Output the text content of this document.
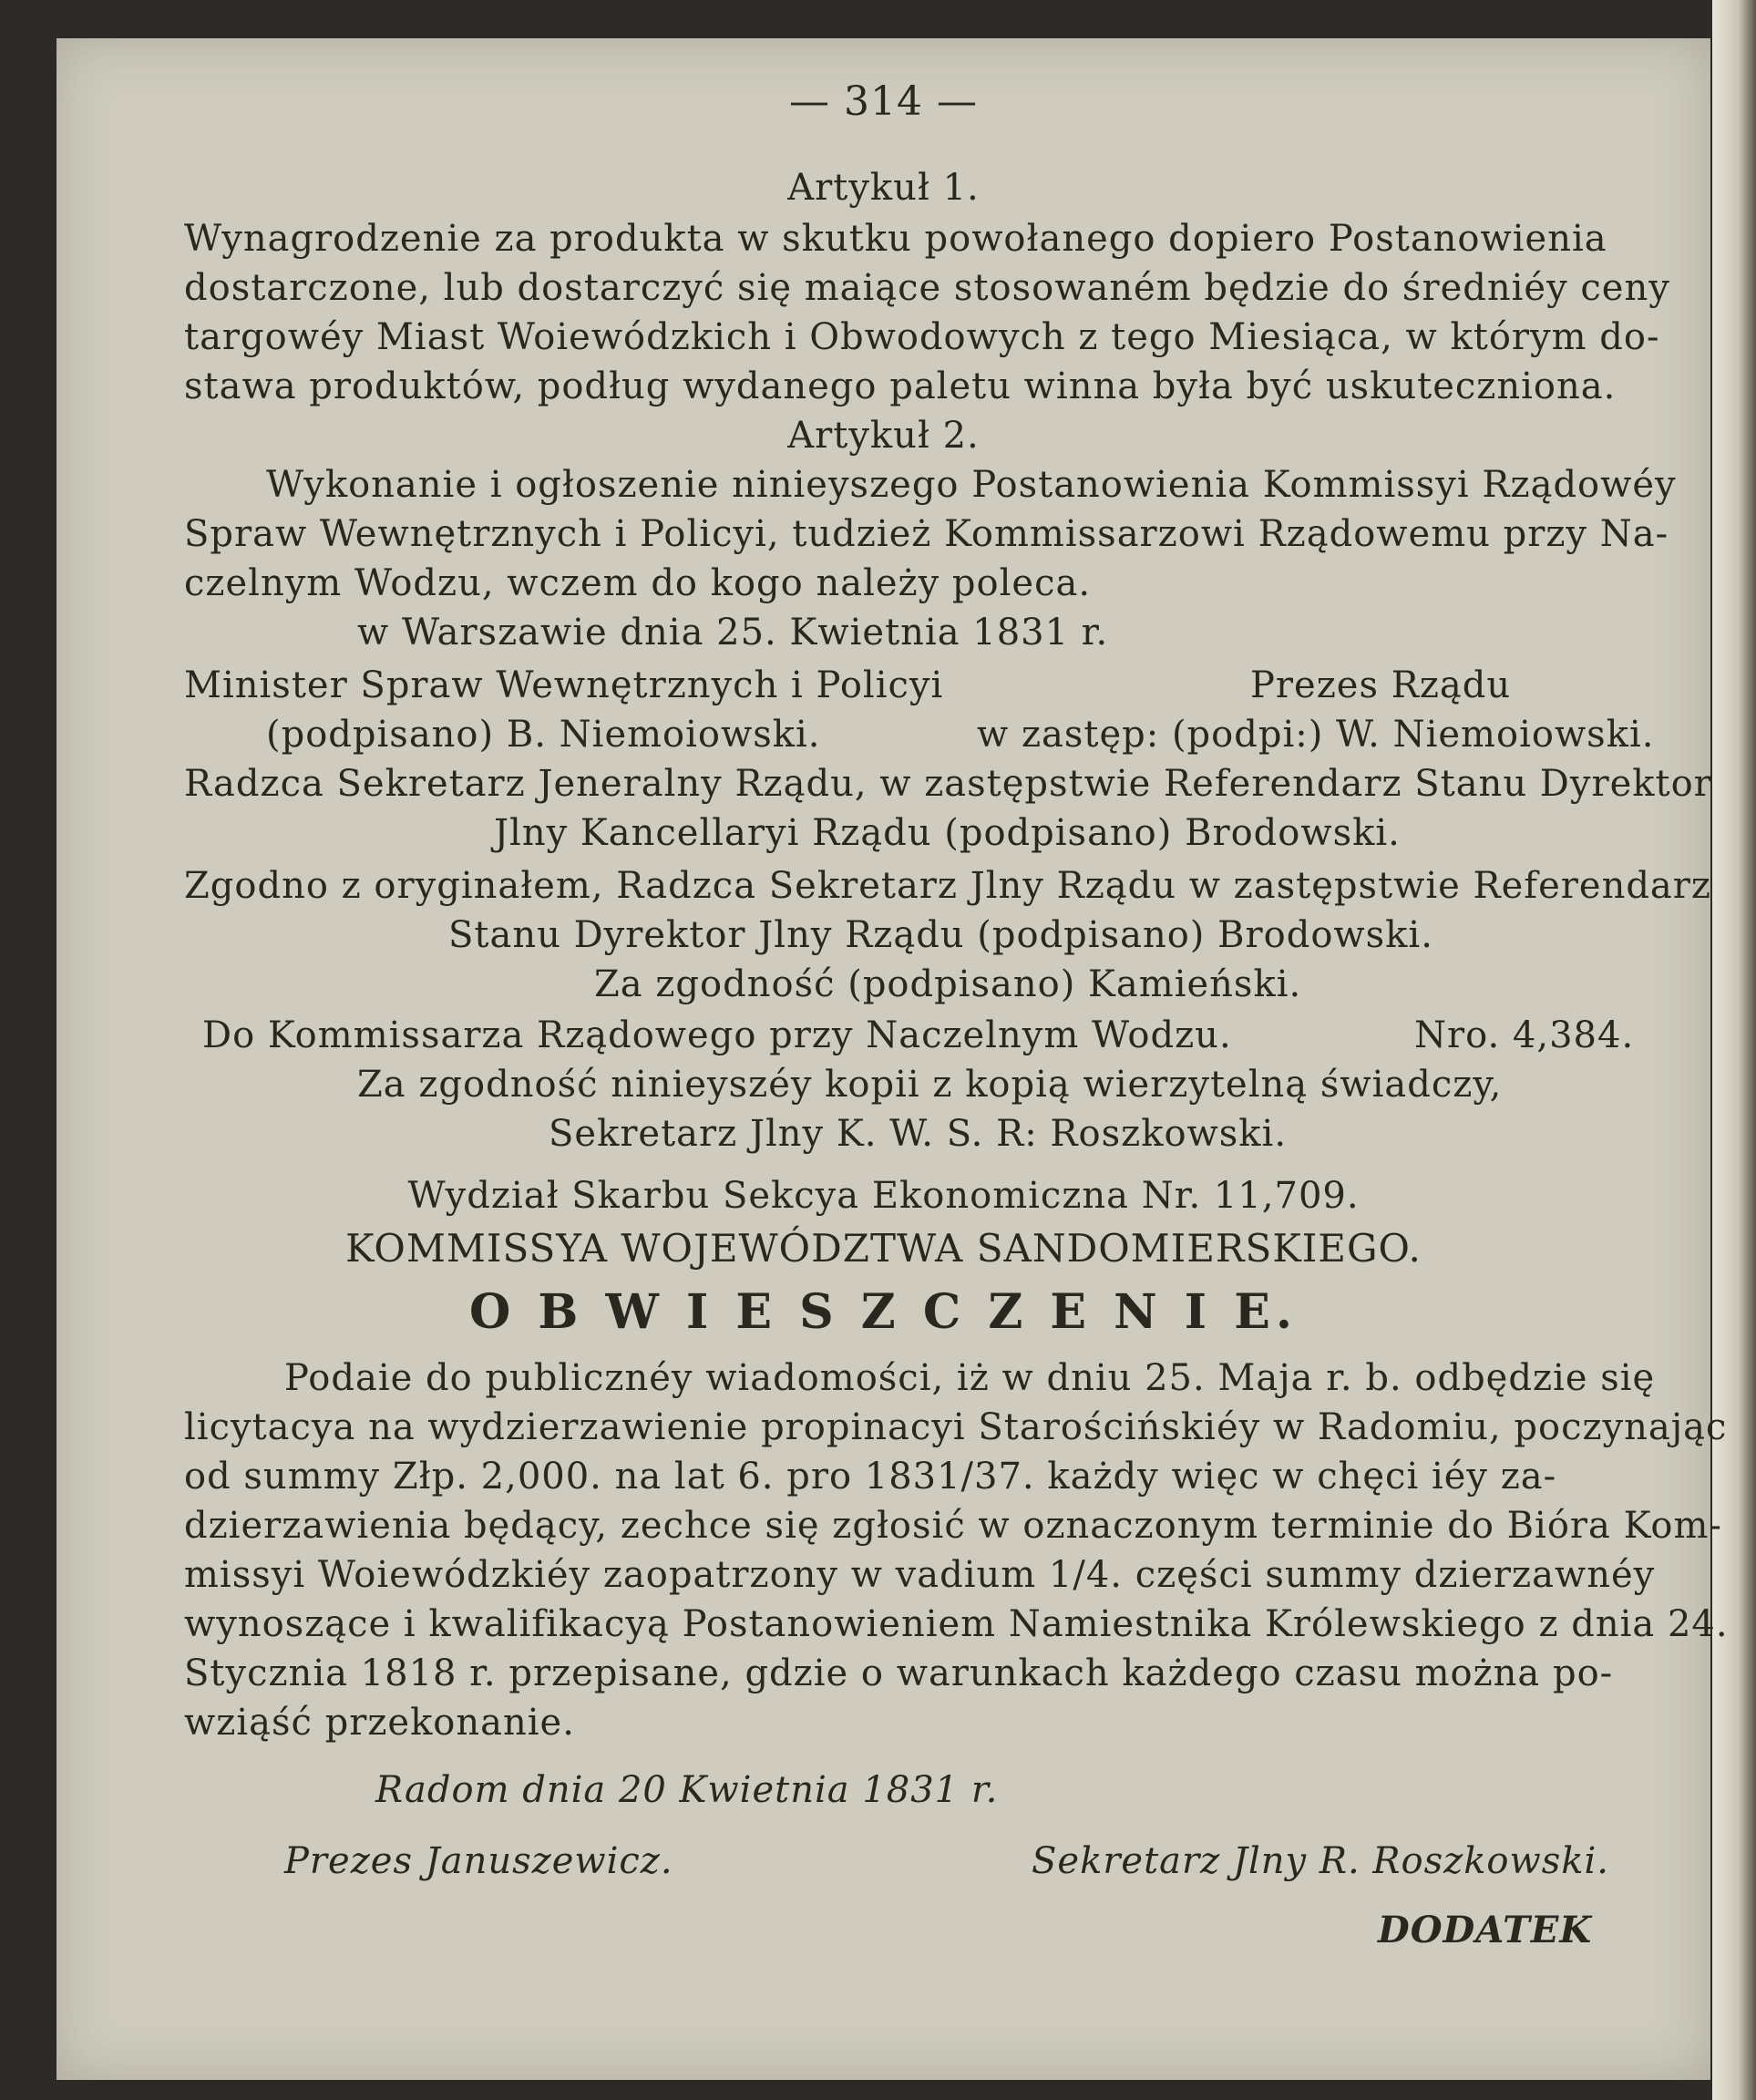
— 314 —
Artykuł 1.
Wynagrodzenie za produkta w skutku powołanego dopiero Postanowienia
dostarczone, lub dostarczyć się maiące stosowaném będzie do średniéy ceny
targowéy Miast Woiewódzkich i Obwodowych z tego Miesiąca, w którym do-
stawa produktów, podług wydanego paletu winna była być uskuteczniona.
Artykuł 2.
Wykonanie i ogłoszenie ninieyszego Postanowienia Kommissyi Rządowéy
Spraw Wewnętrznych i Policyi, tudzież Kommissarzowi Rządowemu przy Na-
czelnym Wodzu, wczem do kogo należy poleca.
w Warszawie dnia 25. Kwietnia 1831 r.
Minister Spraw Wewnętrznych i Policyi	Prezes Rządu
(podpisano) B. Niemoiowski.	w zastęp: (podpi:) W. Niemoiowski.
Radzca Sekretarz Jeneralny Rządu, w zastępstwie Referendarz Stanu Dyrektor
Jlny Kancellaryi Rządu (podpisano) Brodowski.
Zgodno z oryginałem, Radzca Sekretarz Jlny Rządu w zastępstwie Referendarz
Stanu Dyrektor Jlny Rządu (podpisano) Brodowski.
Za zgodność (podpisano) Kamieński.
Do Kommissarza Rządowego przy Naczelnym Wodzu.	Nro. 4,384.
Za zgodność ninieyszéy kopii z kopią wierzytelną świadczy,
Sekretarz Jlny K. W. S. R: Roszkowski.
Wydział Skarbu Sekcya Ekonomiczna Nr. 11,709.
KOMMISSYA WOJEWÓDZTWA SANDOMIERSKIEGO.
O B W I E S Z C Z E N I E.
Podaie do publicznéy wiadomości, iż w dniu 25. Maja r. b. odbędzie się
licytacya na wydzierzawienie propinacyi Starościńskiéy w Radomiu, poczynając
od summy Złp. 2,000. na lat 6. pro 1831/37. każdy więc w chęci iéy za-
dzierzawienia będący, zechce się zgłosić w oznaczonym terminie do Bióra Kom-
missyi Woiewódzkiéy zaopatrzony w vadium 1/4. części summy dzierzawnéy
wynoszące i kwalifikacyą Postanowieniem Namiestnika Królewskiego z dnia 24.
Stycznia 1818 r. przepisane, gdzie o warunkach każdego czasu można po-
wziąść przekonanie.
Radom dnia 20 Kwietnia 1831 r.
Prezes Januszewicz.	Sekretarz Jlny R. Roszkowski.
DODATEK
